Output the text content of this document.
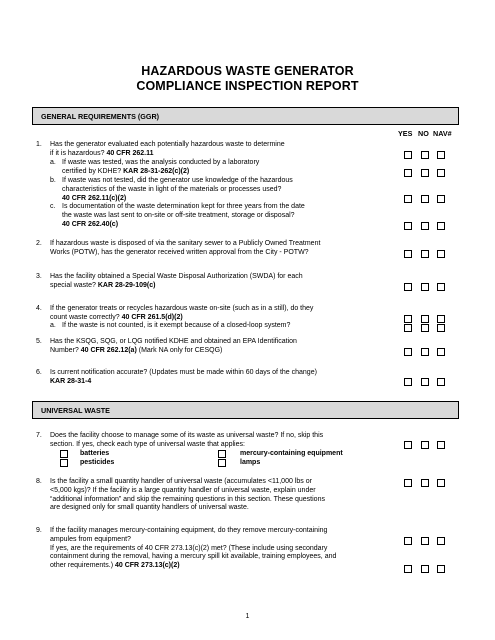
HAZARDOUS WASTE GENERATOR
COMPLIANCE INSPECTION REPORT
GENERAL REQUIREMENTS (GGR)
YES NO NAV#
1. Has the generator evaluated each potentially hazardous waste to determine
if it is hazardous? 40 CFR 262.11
a. If waste was tested, was the analysis conducted by a laboratory
certified by KDHE? KAR 28-31-262(c)(2)
b. If waste was not tested, did the generator use knowledge of the hazardous
characteristics of the waste in light of the materials or processes used?
40 CFR 262.11(c)(2)
c. Is documentation of the waste determination kept for three years from the date
the waste was last sent to on-site or off-site treatment, storage or disposal?
40 CFR 262.40(c)
2. If hazardous waste is disposed of via the sanitary sewer to a Publicly Owned Treatment
Works (POTW), has the generator received written approval from the City - POTW?
3. Has the facility obtained a Special Waste Disposal Authorization (SWDA) for each
special waste? KAR 28-29-109(c)
4. If the generator treats or recycles hazardous waste on-site (such as in a still), do they
count waste correctly? 40 CFR 261.5(d)(2)
a. If the waste is not counted, is it exempt because of a closed-loop system?
5. Has the KSQG, SQG, or LQG notified KDHE and obtained an EPA Identification
Number? 40 CFR 262.12(a) (Mark NA only for CESQG)
6. Is current notification accurate? (Updates must be made within 60 days of the change)
KAR 28-31-4
UNIVERSAL WASTE
7. Does the facility choose to manage some of its waste as universal waste? If no, skip this
section. If yes, check each type of universal waste that applies:
batteries	mercury-containing equipment
pesticides	lamps
8. Is the facility a small quantity handler of universal waste (accumulates <11,000 lbs or
<5,000 kgs)? If the facility is a large quantity handler of universal waste, explain under
“additional information” and skip the remaining questions in this section. These questions
are designed only for small quantity handlers of universal waste.
9. If the facility manages mercury-containing equipment, do they remove mercury-containing
ampules from equipment?
If yes, are the requirements of 40 CFR 273.13(c)(2) met? (These include using secondary
containment during the removal, having a mercury spill kit available, training employees, and
other requirements.) 40 CFR 273.13(c)(2)
1
